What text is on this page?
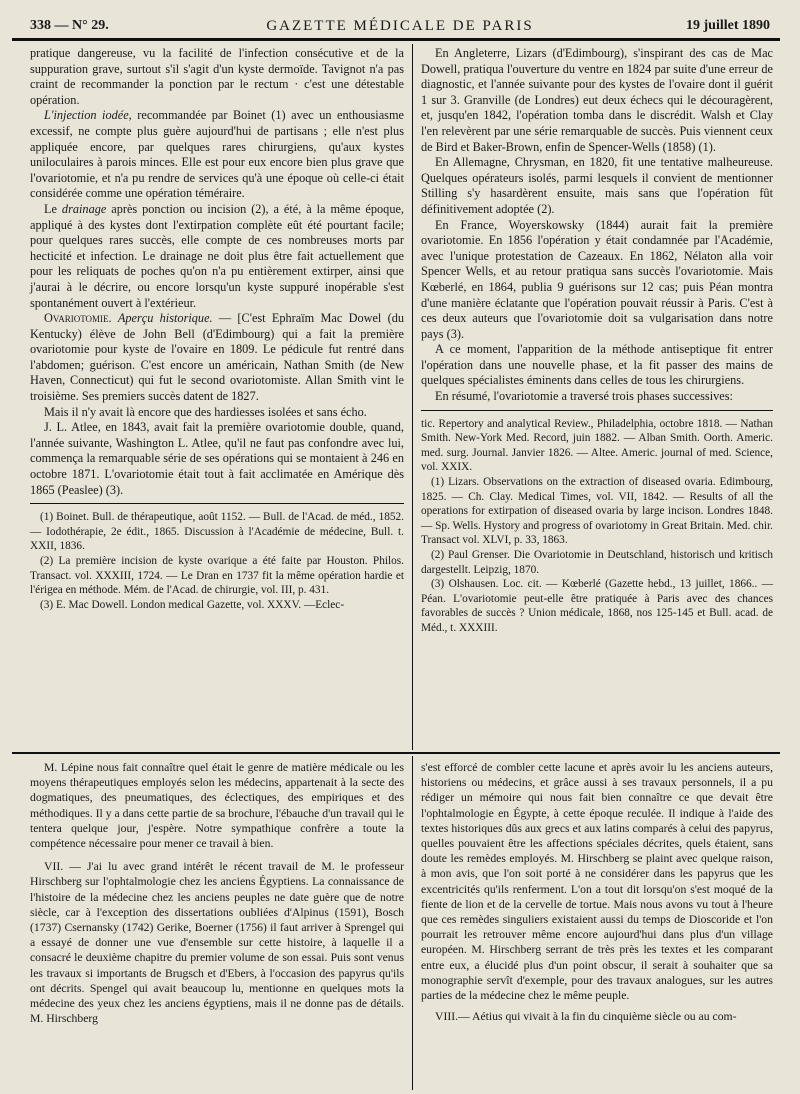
338 — N° 29.	GAZETTE MÉDICALE DE PARIS	19 juillet 1890

pratique dangereuse, vu la facilité de l'infection consécutive et de la suppuration grave, surtout s'il s'agit d'un kyste dermoïde. Tavignot n'a pas craint de recommander la ponction par le rectum · c'est une détestable opération.

L'injection iodée, recommandée par Boinet (1) avec un enthousiasme excessif, ne compte plus guère aujourd'hui de partisans ; elle n'est plus appliquée encore, par quelques rares chirurgiens, qu'aux kystes uniloculaires à parois minces. Elle est pour eux encore bien plus grave que l'ovariotomie, et n'a pu rendre de services qu'à une époque où celle-ci était considérée comme une opération téméraire.

Le drainage après ponction ou incision (2), a été, à la même époque, appliqué à des kystes dont l'extirpation complète eût été pourtant facile; pour quelques rares succès, elle compte de ces nombreuses morts par hecticité et infection. Le drainage ne doit plus être fait actuellement que pour les reliquats de poches qu'on n'a pu entièrement extirper, ainsi que j'aurai à le décrire, ou encore lorsqu'un kyste suppuré inopérable s'est spontanément ouvert à l'extérieur.

Ovariotomie. Aperçu historique. — [C'est Ephraïm Mac Dowel (du Kentucky) élève de John Bell (d'Edimbourg) qui a fait la première ovariotomie pour kyste de l'ovaire en 1809. Le pédicule fut rentré dans l'abdomen; guérison. C'est encore un américain, Nathan Smith (de New Haven, Connecticut) qui fut le second ovariotomiste. Allan Smith vint le troisième. Ses premiers succès datent de 1827.

Mais il n'y avait là encore que des hardiesses isolées et sans écho.

J. L. Atlee, en 1843, avait fait la première ovariotomie double, quand, l'année suivante, Washington L. Atlee, qu'il ne faut pas confondre avec lui, commença la remarquable série de ses opérations qui se montaient à 246 en octobre 1871. L'ovariotomie était tout à fait acclimatée en Amérique dès 1865 (Peaslee) (3).

(1) Boinet. Bull. de thérapeutique, août 1152. — Bull. de l'Acad. de méd., 1852. — Iodothérapie, 2e édit., 1865. Discussion à l'Académie de médecine, Bull. t. XXII, 1836.

(2) La première incision de kyste ovarique a été faite par Houston. Philos. Transact. vol. XXXIII, 1724. — Le Dran en 1737 fit la même opération hardie et l'érigea en méthode. Mém. de l'Acad. de chirurgie, vol. III, p. 431.

(3) E. Mac Dowell. London medical Gazette, vol. XXXV. —Eclec-

En Angleterre, Lizars (d'Edimbourg), s'inspirant des cas de Mac Dowell, pratiqua l'ouverture du ventre en 1824 par suite d'une erreur de diagnostic, et l'année suivante pour des kystes de l'ovaire dont il guérit 1 sur 3. Granville (de Londres) eut deux échecs qui le découragèrent, et, jusqu'en 1842, l'opération tomba dans le discrédit. Walsh et Clay l'en relevèrent par une série remarquable de succès. Puis viennent ceux de Bird et Baker-Brown, enfin de Spencer-Wells (1858) (1).

En Allemagne, Chrysman, en 1820, fit une tentative malheureuse. Quelques opérateurs isolés, parmi lesquels il convient de mentionner Stilling s'y hasardèrent ensuite, mais sans que l'opération fût définitivement adoptée (2).

En France, Woyerskowsky (1844) aurait fait la première ovariotomie. En 1856 l'opération y était condamnée par l'Académie, avec l'unique protestation de Cazeaux. En 1862, Nélaton alla voir Spencer Wells, et au retour pratiqua sans succès l'ovariotomie. Mais Kœberlé, en 1864, publia 9 guérisons sur 12 cas; puis Péan montra d'une manière éclatante que l'opération pouvait réussir à Paris. C'est à ces deux auteurs que l'ovariotomie doit sa vulgarisation dans notre pays (3).

A ce moment, l'apparition de la méthode antiseptique fit entrer l'opération dans une nouvelle phase, et la fit passer des mains de quelques spécialistes éminents dans celles de tous les chirurgiens.

En résumé, l'ovariotomie a traversé trois phases successives:

tic. Repertory and analytical Review., Philadelphia, octobre 1818. — Nathan Smith. New-York Med. Record, juin 1882. — Alban Smith. Oorth. Americ. med. surg. Journal. Janvier 1826. — Altee. Americ. journal of med. Science, vol. XXIX.

(1) Lizars. Observations on the extraction of diseased ovaria. Edimbourg, 1825. — Ch. Clay. Medical Times, vol. VII, 1842. — Results of all the operations for extirpation of diseased ovaria by large incison. Londres 1848. — Sp. Wells. Hystory and progress of ovariotomy in Great Britain. Med. chir. Transact vol. XLVI, p. 33, 1863.

(2) Paul Grenser. Die Ovariotomie in Deutschland, historisch und kritisch dargestellt. Leipzig, 1870.

(3) Olshausen. Loc. cit. — Kœberlé (Gazette hebd., 13 juillet, 1866.. — Péan. L'ovariotomie peut-elle être pratiquée à Paris avec des chances favorables de succès ? Union médicale, 1868, nos 125-145 et Bull. acad. de Méd., t. XXXIII.

M. Lépine nous fait connaître quel était le genre de matière médicale ou les moyens thérapeutiques employés selon les médecins, appartenait à la secte des dogmatiques, des pneumatiques, des éclectiques, des empiriques et des méthodiques. Il y a dans cette partie de sa brochure, l'ébauche d'un travail qui le tentera quelque jour, j'espère. Notre sympathique confrère a toute la compétence nécessaire pour mener ce travail à bien.

VII. — J'ai lu avec grand intérêt le récent travail de M. le professeur Hirschberg sur l'ophtalmologie chez les anciens Égyptiens. La connaissance de l'histoire de la médecine chez les anciens peuples ne date guère que de notre siècle, car à l'exception des dissertations oubliées d'Alpinus (1591), Bosch (1737) Csernansky (1742) Gerike, Boerner (1756) il faut arriver à Sprengel qui a essayé de donner une vue d'ensemble sur cette histoire, à laquelle il a consacré le deuxième chapitre du premier volume de son essai. Puis sont venus les travaux si importants de Brugsch et d'Ebers, à l'occasion des papyrus qu'ils ont décrits. Spengel qui avait beaucoup lu, mentionne en quelques mots la médecine des yeux chez les anciens égyptiens, mais il ne donne pas de détails. M. Hirschberg

s'est efforcé de combler cette lacune et après avoir lu les anciens auteurs, historiens ou médecins, et grâce aussi à ses travaux personnels, il a pu rédiger un mémoire qui nous fait bien connaître ce que devait être l'ophtalmologie en Égypte, à cette époque reculée. Il indique à l'aide des textes historiques dûs aux grecs et aux latins comparés à celui des papyrus, quelles pouvaient être les affections spéciales décrites, quels étaient, sans doute les remèdes employés. M. Hirschberg se plaint avec quelque raison, à mon avis, que l'on soit porté à ne considérer dans les papyrus que les excentricités qu'ils renferment. L'on a tout dit lorsqu'on s'est moqué de la fiente de lion et de la cervelle de tortue. Mais nous avons vu tout à l'heure que ces remèdes singuliers existaient aussi du temps de Dioscoride et l'on pourrait les retrouver même encore aujourd'hui dans plus d'un village européen. M. Hirschberg serrant de très près les textes et les comparant entre eux, a élucidé plus d'un point obscur, il serait à souhaiter que sa monographie servît d'exemple, pour des travaux analogues, sur les autres parties de la médecine chez le même peuple.

VIII.— Aétius qui vivait à la fin du cinquième siècle ou au com-
